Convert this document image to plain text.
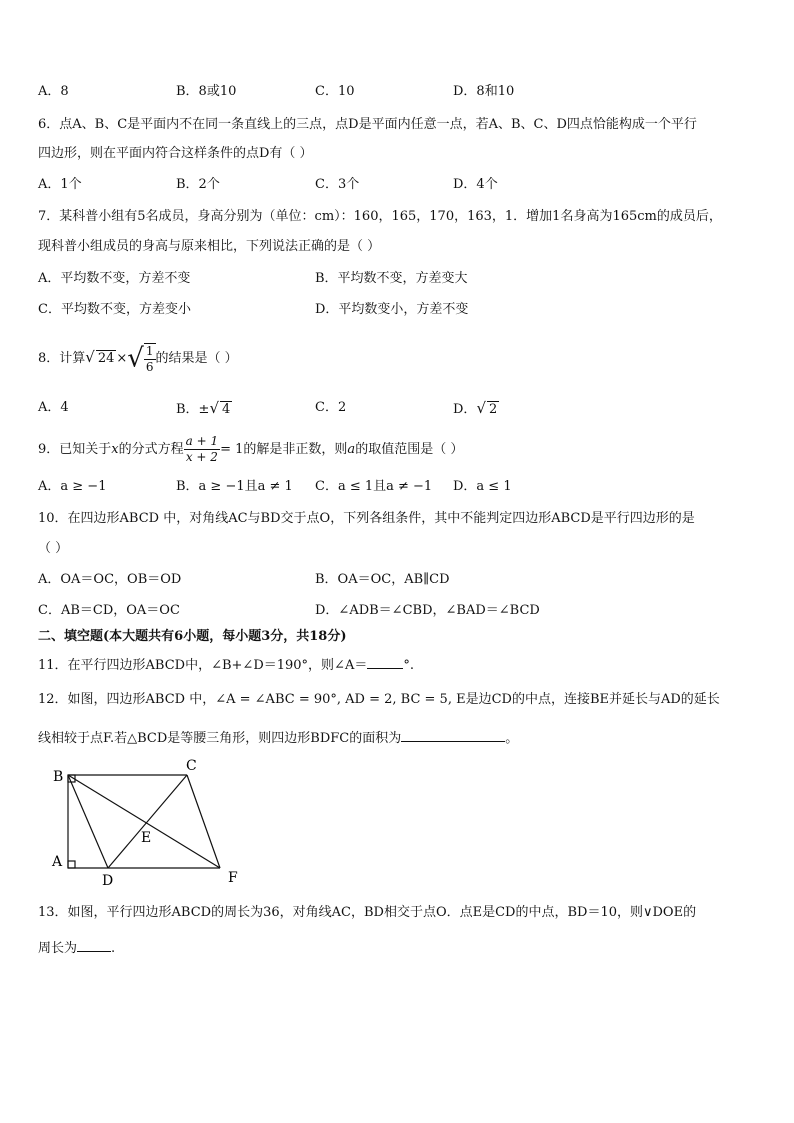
A．8	B．8或10	C．10	D．8和10
6．点A、B、C是平面内不在同一条直线上的三点，点D是平面内任意一点，若A、B、C、D四点恰能构成一个平行
四边形，则在平面内符合这样条件的点D有（ ）
A．1个	B．2个	C．3个	D．4个
7．某科普小组有5名成员，身高分别为（单位：cm）：160，165，170，163，1．增加1名身高为165cm的成员后，
现科普小组成员的身高与原来相比，下列说法正确的是（ ）
A．平均数不变，方差不变	B．平均数不变，方差变大
C．平均数不变，方差变小	D．平均数变小，方差不变
8．计算√ 24 ×√ $\frac{1}{6}$ 的结果是（ ）
A．4	B．±√ 4	C．2	D．√ 2
9．已知关于x的分式方程 $\frac{a + 1}{x + 2} = 1$的解是非正数，则a的取值范围是（ ）
A．a ≥ −1	B．a ≥ −1且a ≠ 1 C．a ≤ 1且a ≠ −1 D．a ≤ 1
10．在四边形ABCD 中，对角线AC与BD交于点O，下列各组条件，其中不能判定四边形ABCD是平行四边形的是
（ ）
A．OA＝OC，OB＝OD	B．OA＝OC，AB∥CD
C．AB＝CD，OA＝OC	D．∠ADB＝∠CBD，∠BAD＝∠BCD
二、填空题(本大题共有6小题，每小题3分，共18分)
11．在平行四边形ABCD中，∠B+∠D＝190°，则∠A＝	°.
12．如图，四边形ABCD 中，∠A = ∠ABC = 90°, AD = 2, BC = 5, E是边CD的中点，连接BE并延长与AD的延长
线相较于点F.若△BCD是等腰三角形，则四边形BDFC的面积为	。
B
C
E
A
D	F
13．如图，平行四边形ABCD的周长为36，对角线AC，BD相交于点O．点E是CD的中点，BD＝10，则∨DOE的
周长为	.
